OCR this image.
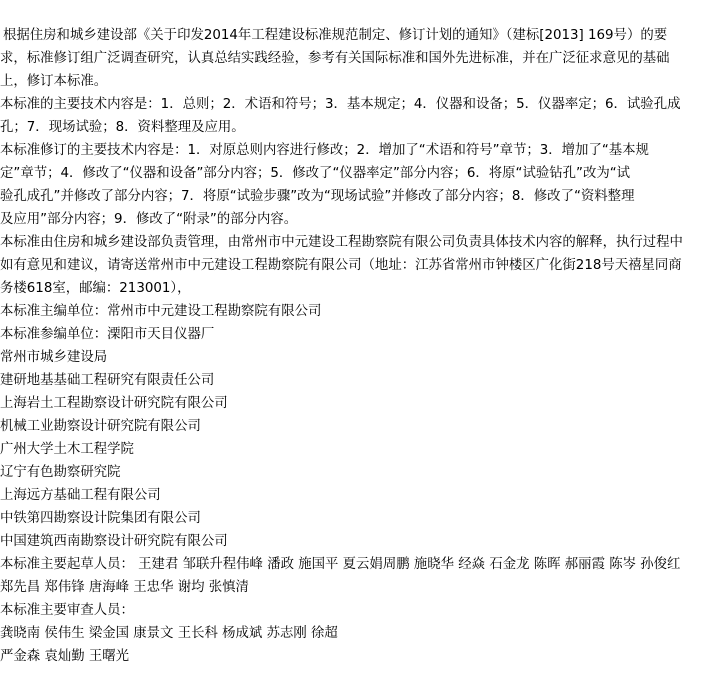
根据住房和城乡建设部《关于印发2014年工程建设标准规范制定、修订计划的通知》（建标[2013] 169号）的要
求，标准修订组广泛调查研究，认真总结实践经验，参考有关国际标准和国外先进标准，并在广泛征求意见的基础
上，修订本标准。
本标准的主要技术内容是：1．总则；2．术语和符号；3．基本规定；4．仪器和设备；5．仪器率定；6．试验孔成
孔；7．现场试验；8．资料整理及应用。
本标准修订的主要技术内容是：1．对原总则内容进行修改；2．增加了“术语和符号”章节；3．增加了“基本规
定”章节；4．修改了“仪器和设备”部分内容；5．修改了“仪器率定”部分内容；6．将原“试验钻孔”改为“试
验孔成孔”并修改了部分内容；7．将原“试验步骤”改为“现场试验”并修改了部分内容；8．修改了“资料整理
及应用”部分内容；9．修改了“附录”的部分内容。
本标准由住房和城乡建设部负责管理，由常州市中元建设工程勘察院有限公司负责具体技术内容的解释，执行过程中
如有意见和建议，请寄送常州市中元建设工程勘察院有限公司（地址：江苏省常州市钟楼区广化街218号天禧星同商
务楼618室，邮编：213001），
本标准主编单位：常州市中元建设工程勘察院有限公司
本标准参编单位：溧阳市天目仪器厂
常州市城乡建设局
建研地基基础工程研究有限责任公司
上海岩土工程勘察设计研究院有限公司
机械工业勘察设计研究院有限公司
广州大学土木工程学院
辽宁有色勘察研究院
上海远方基础工程有限公司
中铁第四勘察设计院集团有限公司
中国建筑西南勘察设计研究院有限公司
本标准主要起草人员： 王建君 邹联升程伟峰 潘政 施国平 夏云娟周鹏 施晓华 经焱 石金龙 陈晖 郝丽霞 陈岑 孙俊红
郑先昌 郑伟锋 唐海峰 王忠华 谢均 张慎清
本标准主要审查人员：
龚晓南 侯伟生 梁金国 康景文 王长科 杨成斌 苏志刚 徐超
严金森 袁灿勤 王曙光
